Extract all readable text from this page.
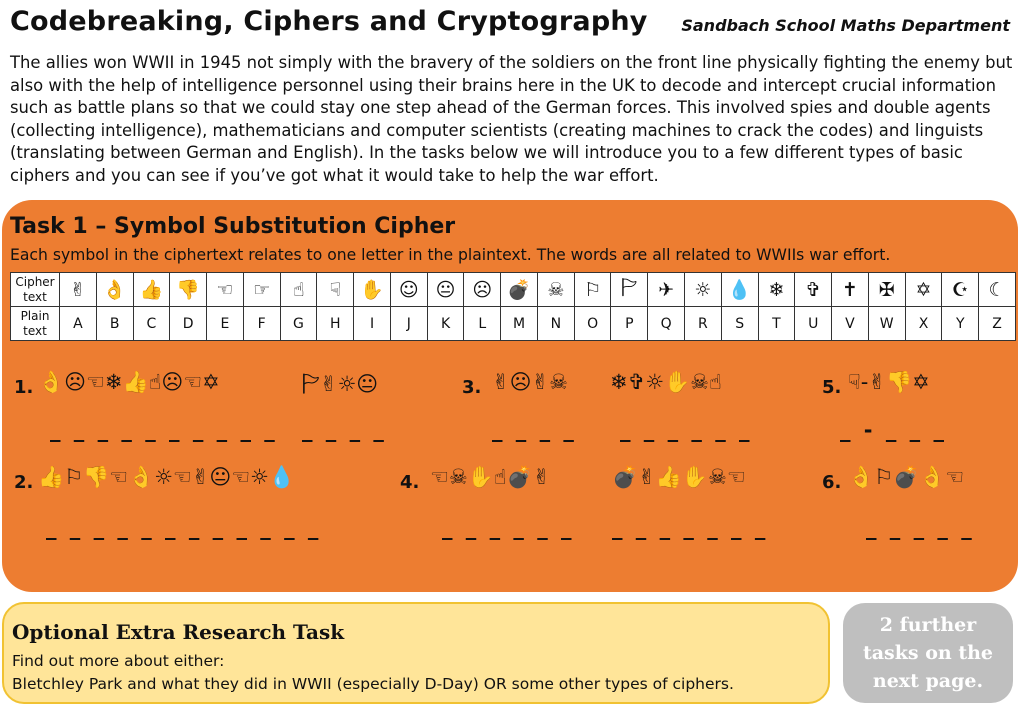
Codebreaking, Ciphers and Cryptography Sandbach School Maths Department

The allies won WWII in 1945 not simply with the bravery of the soldiers on the front line physically fighting the enemy but also with the help of intelligence personnel using their brains here in the UK to decode and intercept crucial information such as battle plans so that we could stay one step ahead of the German forces. This involved spies and double agents (collecting intelligence), mathematicians and computer scientists (creating machines to crack the codes) and linguists (translating between German and English). In the tasks below we will introduce you to a few different types of basic ciphers and you can see if you’ve got what it would take to help the war effort.

Task 1 – Symbol Substitution Cipher
Each symbol in the ciphertext relates to one letter in the plaintext. The words are all related to WWIIs war effort.
Cipher
text	✌	👌	👍	👎	☜	☞	☝	☟	✋	☺	😐	☹	💣	☠	⚐	🏱	✈	☼	💧	❄	✞	✝	✠	✡	☪	☾
Plain
text	A	B	C	D	E	F	G	H	I	J	K	L	M	N	O	P	Q	R	S	T	U	V	W	X	Y	Z
1. 👌☹☜❄👍☝☹☜✡	🏱✌☼😐
_ _ _ _ _ _ _ _ _ _ _ _ _ _
3. ✌☹✌☠ ❄✞☼✋☠☝
_ _ _ _ _ _ _ _ _ _
5. ☟-✌👎✡
_ - _ _ _
2. 👍⚐👎☜👌☼☜✌😐☜☼💧
_ _ _ _ _ _ _ _ _ _ _ _
4. ☜☠✋☝💣✌
_ _ _ _ _ _
💣✌👍✋☠☜
_ _ _ _ _ _ _
6. 👌⚐💣👌☜
_ _ _ _ _
Optional Extra Research Task
Find out more about either:
Bletchley Park and what they did in WWII (especially D-Day) OR some other types of ciphers.
2 further tasks on the next page.
